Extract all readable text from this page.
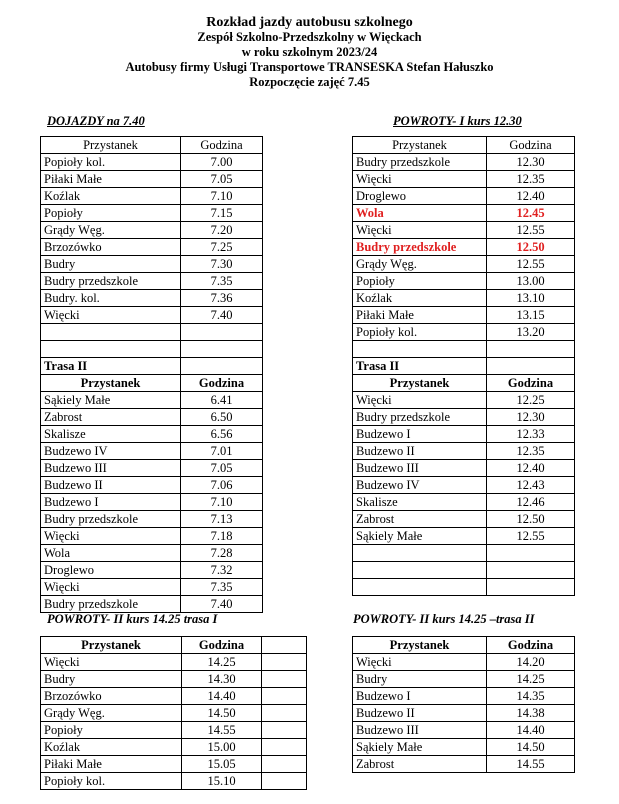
Rozkład jazdy autobusu szkolnego
Zespół Szkolno-Przedszkolny w Więckach
w roku szkolnym 2023/24
Autobusy firmy Usługi Transportowe TRANSESKA Stefan Hałuszko
Rozpoczęcie zajęć 7.45
DOJAZDY na 7.40	POWROTY- I kurs 12.30
Przystanek	Godzina
Popioły kol.	7.00
Piłaki Małe	7.05
Koźlak	7.10
Popioły	7.15
Grądy Węg.	7.20
Brzozówko	7.25
Budry	7.30
Budry przedszkole	7.35
Budry. kol.	7.36
Więcki	7.40

Trasa II	
Przystanek	Godzina
Sąkiely Małe	6.41
Zabrost	6.50
Skalisze	6.56
Budzewo IV	7.01
Budzewo III	7.05
Budzewo II	7.06
Budzewo I	7.10
Budry przedszkole	7.13
Więcki	7.18
Wola	7.28
Droglewo	7.32
Więcki	7.35
Budry przedszkole	7.40
Przystanek	Godzina
Budry przedszkole	12.30
Więcki	12.35
Droglewo	12.40
Wola	12.45
Więcki	12.55
Budry przedszkole	12.50
Grądy Węg.	12.55
Popioły	13.00
Koźlak	13.10
Piłaki Małe	13.15
Popioły kol.	13.20

Trasa II	
Przystanek	Godzina
Więcki	12.25
Budry przedszkole	12.30
Budzewo I	12.33
Budzewo II	12.35
Budzewo III	12.40
Budzewo IV	12.43
Skalisze	12.46
Zabrost	12.50
Sąkiely Małe	12.55

POWROTY- II kurs 14.25 trasa I	POWROTY- II kurs 14.25 –trasa II
Przystanek	Godzina	
Więcki	14.25	
Budry	14.30	
Brzozówko	14.40	
Grądy Węg.	14.50	
Popioły	14.55	
Koźlak	15.00	
Piłaki Małe	15.05	
Popioły kol.	15.10	
Przystanek	Godzina
Więcki	14.20
Budry	14.25
Budzewo I	14.35
Budzewo II	14.38
Budzewo III	14.40
Sąkiely Małe	14.50
Zabrost	14.55
